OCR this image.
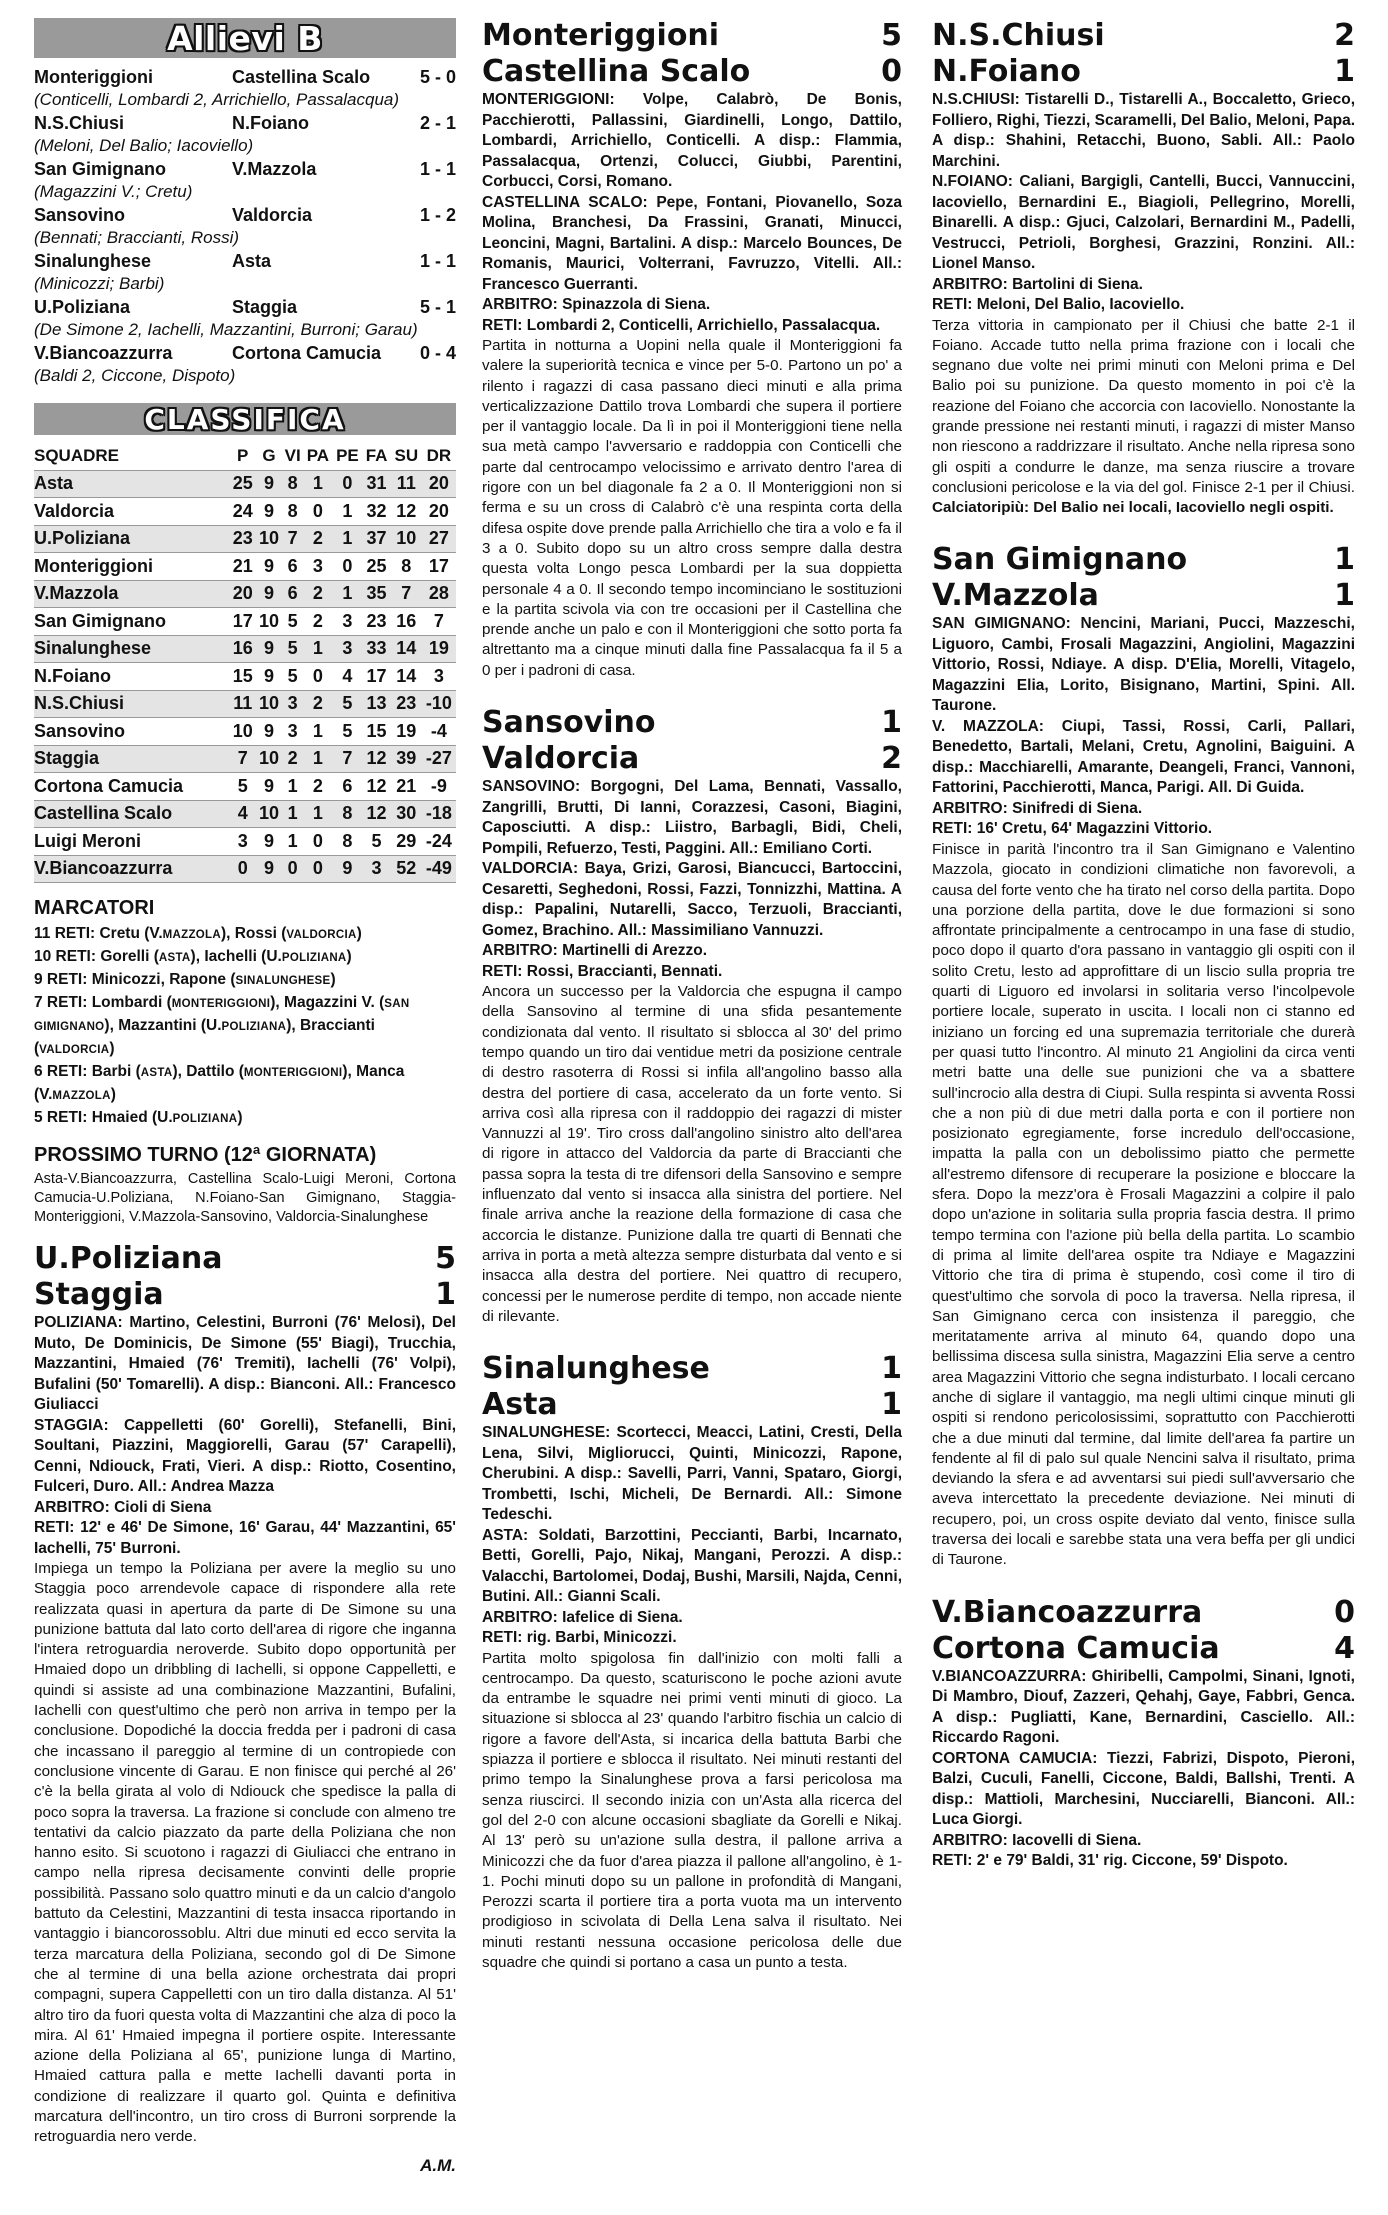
Allievi B
Monteriggioni	Castellina Scalo	5 - 0
(Conticelli, Lombardi 2, Arrichiello, Passalacqua)
N.S.Chiusi	N.Foiano	2 - 1
(Meloni, Del Balio; Iacoviello)
San Gimignano	V.Mazzola	1 - 1
(Magazzini V.; Cretu)
Sansovino	Valdorcia	1 - 2
(Bennati; Braccianti, Rossi)
Sinalunghese	Asta	1 - 1
(Minicozzi; Barbi)
U.Poliziana	Staggia	5 - 1
(De Simone 2, Iachelli, Mazzantini, Burroni; Garau)
V.Biancoazzurra	Cortona Camucia	0 - 4
(Baldi 2, Ciccone, Dispoto)
CLASSIFICA
SQUADRE	P	G	VI	PA	PE	FA	SU	DR
Asta	25	9	8	1	0	31	11	20
Valdorcia	24	9	8	0	1	32	12	20
U.Poliziana	23	10	7	2	1	37	10	27
Monteriggioni	21	9	6	3	0	25	8	17
V.Mazzola	20	9	6	2	1	35	7	28
San Gimignano	17	10	5	2	3	23	16	7
Sinalunghese	16	9	5	1	3	33	14	19
N.Foiano	15	9	5	0	4	17	14	3
N.S.Chiusi	11	10	3	2	5	13	23	-10
Sansovino	10	9	3	1	5	15	19	-4
Staggia	7	10	2	1	7	12	39	-27
Cortona Camucia	5	9	1	2	6	12	21	-9
Castellina Scalo	4	10	1	1	8	12	30	-18
Luigi Meroni	3	9	1	0	8	5	29	-24
V.Biancoazzurra	0	9	0	0	9	3	52	-49
MARCATORI
11 RETI: Cretu (V.MAZZOLA), Rossi (VALDORCIA)
10 RETI: Gorelli (ASTA), Iachelli (U.POLIZIANA)
9 RETI: Minicozzi, Rapone (SINALUNGHESE)
7 RETI: Lombardi (MONTERIGGIONI), Magazzini V. (SAN GIMIGNANO), Mazzantini (U.POLIZIANA), Braccianti (VALDORCIA)
6 RETI: Barbi (ASTA), Dattilo (MONTERIGGIONI), Manca (V.MAZZOLA)
5 RETI: Hmaied (U.POLIZIANA)
PROSSIMO TURNO (12ª GIORNATA)
Asta-V.Biancoazzurra, Castellina Scalo-Luigi Meroni, Cortona Camucia-U.Poliziana, N.Foiano-San Gimignano, Staggia-Monteriggioni, V.Mazzola-Sansovino, Valdorcia-Sinalunghese
U.Poliziana	5
Staggia	1
POLIZIANA: Martino, Celestini, Burroni (76' Melosi), Del Muto, De Dominicis, De Simone (55' Biagi), Trucchia, Mazzantini, Hmaied (76' Tremiti), Iachelli (76' Volpi), Bufalini (50' Tomarelli). A disp.: Bianconi. All.: Francesco Giuliacci
STAGGIA: Cappelletti (60' Gorelli), Stefanelli, Bini, Soultani, Piazzini, Maggiorelli, Garau (57' Carapelli), Cenni, Ndiouck, Frati, Vieri. A disp.: Riotto, Cosentino, Fulceri, Duro. All.: Andrea Mazza
ARBITRO: Cioli di Siena
RETI: 12' e 46' De Simone, 16' Garau, 44' Mazzantini, 65' Iachelli, 75' Burroni.

Impiega un tempo la Poliziana per avere la meglio su uno Staggia poco arrendevole capace di rispondere alla rete realizzata quasi in apertura da parte di De Simone su una punizione battuta dal lato corto dell'area di rigore che inganna l'intera retroguardia neroverde. Subito dopo opportunità per Hmaied dopo un dribbling di Iachelli, si oppone Cappelletti, e quindi si assiste ad una combinazione Mazzantini, Bufalini, Iachelli con quest'ultimo che però non arriva in tempo per la conclusione. Dopodiché la doccia fredda per i padroni di casa che incassano il pareggio al termine di un contropiede con conclusione vincente di Garau. E non finisce qui perché al 26' c'è la bella girata al volo di Ndiouck che spedisce la palla di poco sopra la traversa. La frazione si conclude con almeno tre tentativi da calcio piazzato da parte della Poliziana che non hanno esito. Si scuotono i ragazzi di Giuliacci che entrano in campo nella ripresa decisamente convinti delle proprie possibilità. Passano solo quattro minuti e da un calcio d'angolo battuto da Celestini, Mazzantini di testa insacca riportando in vantaggio i biancorossoblu. Altri due minuti ed ecco servita la terza marcatura della Poliziana, secondo gol di De Simone che al termine di una bella azione orchestrata dai propri compagni, supera Cappelletti con un tiro dalla distanza. Al 51' altro tiro da fuori questa volta di Mazzantini che alza di poco la mira. Al 61' Hmaied impegna il portiere ospite. Interessante azione della Poliziana al 65', punizione lunga di Martino, Hmaied cattura palla e mette Iachelli davanti porta in condizione di realizzare il quarto gol. Quinta e definitiva marcatura dell'incontro, un tiro cross di Burroni sorprende la retroguardia nero verde.

A.M.
Monteriggioni	5
Castellina Scalo	0
MONTERIGGIONI: Volpe, Calabrò, De Bonis, Pacchierotti, Pallassini, Giardinelli, Longo, Dattilo, Lombardi, Arrichiello, Conticelli. A disp.: Flammia, Passalacqua, Ortenzi, Colucci, Giubbi, Parentini, Corbucci, Corsi, Romano.
CASTELLINA SCALO: Pepe, Fontani, Piovanello, Soza Molina, Branchesi, Da Frassini, Granati, Minucci, Leoncini, Magni, Bartalini. A disp.: Marcelo Bounces, De Romanis, Maurici, Volterrani, Favruzzo, Vitelli. All.: Francesco Guerranti.
ARBITRO: Spinazzola di Siena.
RETI: Lombardi 2, Conticelli, Arrichiello, Passalacqua.

Partita in notturna a Uopini nella quale il Monteriggioni fa valere la superiorità tecnica e vince per 5-0. Partono un po' a rilento i ragazzi di casa passano dieci minuti e alla prima verticalizzazione Dattilo trova Lombardi che supera il portiere per il vantaggio locale. Da lì in poi il Monteriggioni tiene nella sua metà campo l'avversario e raddoppia con Conticelli che parte dal centrocampo velocissimo e arrivato dentro l'area di rigore con un bel diagonale fa 2 a 0. Il Monteriggioni non si ferma e su un cross di Calabrò c'è una respinta corta della difesa ospite dove prende palla Arrichiello che tira a volo e fa il 3 a 0. Subito dopo su un altro cross sempre dalla destra questa volta Longo pesca Lombardi per la sua doppietta personale 4 a 0. Il secondo tempo incominciano le sostituzioni e la partita scivola via con tre occasioni per il Castellina che prende anche un palo e con il Monteriggioni che sotto porta fa altrettanto ma a cinque minuti dalla fine Passalacqua fa il 5 a 0 per i padroni di casa.

Sansovino	1
Valdorcia	2
SANSOVINO: Borgogni, Del Lama, Bennati, Vassallo, Zangrilli, Brutti, Di Ianni, Corazzesi, Casoni, Biagini, Caposciutti. A disp.: Liistro, Barbagli, Bidi, Cheli, Pompili, Refuerzo, Testi, Paggini. All.: Emiliano Corti.
VALDORCIA: Baya, Grizi, Garosi, Biancucci, Bartoccini, Cesaretti, Seghedoni, Rossi, Fazzi, Tonnizzhi, Mattina. A disp.: Papalini, Nutarelli, Sacco, Terzuoli, Braccianti, Gomez, Brachino. All.: Massimiliano Vannuzzi.
ARBITRO: Martinelli di Arezzo.
RETI: Rossi, Braccianti, Bennati.

Ancora un successo per la Valdorcia che espugna il campo della Sansovino al termine di una sfida pesantemente condizionata dal vento. Il risultato si sblocca al 30' del primo tempo quando un tiro dai ventidue metri da posizione centrale di destro rasoterra di Rossi si infila all'angolino basso alla destra del portiere di casa, accelerato da un forte vento. Si arriva così alla ripresa con il raddoppio dei ragazzi di mister Vannuzzi al 19'. Tiro cross dall'angolino sinistro alto dell'area di rigore in attacco del Valdorcia da parte di Braccianti che passa sopra la testa di tre difensori della Sansovino e sempre influenzato dal vento si insacca alla sinistra del portiere. Nel finale arriva anche la reazione della formazione di casa che accorcia le distanze. Punizione dalla tre quarti di Bennati che arriva in porta a metà altezza sempre disturbata dal vento e si insacca alla destra del portiere. Nei quattro di recupero, concessi per le numerose perdite di tempo, non accade niente di rilevante.

Sinalunghese	1
Asta	1
SINALUNGHESE: Scortecci, Meacci, Latini, Cresti, Della Lena, Silvi, Migliorucci, Quinti, Minicozzi, Rapone, Cherubini. A disp.: Savelli, Parri, Vanni, Spataro, Giorgi, Trombetti, Ischi, Micheli, De Bernardi. All.: Simone Tedeschi.
ASTA: Soldati, Barzottini, Peccianti, Barbi, Incarnato, Betti, Gorelli, Pajo, Nikaj, Mangani, Perozzi. A disp.: Valacchi, Bartolomei, Dodaj, Bushi, Marsili, Najda, Cenni, Butini. All.: Gianni Scali.
ARBITRO: Iafelice di Siena.
RETI: rig. Barbi, Minicozzi.

Partita molto spigolosa fin dall'inizio con molti falli a centrocampo. Da questo, scaturiscono le poche azioni avute da entrambe le squadre nei primi venti minuti di gioco. La situazione si sblocca al 23' quando l'arbitro fischia un calcio di rigore a favore dell'Asta, si incarica della battuta Barbi che spiazza il portiere e sblocca il risultato. Nei minuti restanti del primo tempo la Sinalunghese prova a farsi pericolosa ma senza riuscirci. Il secondo inizia con un'Asta alla ricerca del gol del 2-0 con alcune occasioni sbagliate da Gorelli e Nikaj. Al 13' però su un'azione sulla destra, il pallone arriva a Minicozzi che da fuor d'area piazza il pallone all'angolino, è 1-1. Pochi minuti dopo su un pallone in profondità di Mangani, Perozzi scarta il portiere tira a porta vuota ma un intervento prodigioso in scivolata di Della Lena salva il risultato. Nei minuti restanti nessuna occasione pericolosa delle due squadre che quindi si portano a casa un punto a testa.

N.S.Chiusi	2
N.Foiano	1
N.S.CHIUSI: Tistarelli D., Tistarelli A., Boccaletto, Grieco, Folliero, Righi, Tiezzi, Scaramelli, Del Balio, Meloni, Papa. A disp.: Shahini, Retacchi, Buono, Sabli. All.: Paolo Marchini.
N.FOIANO: Caliani, Bargigli, Cantelli, Bucci, Vannuccini, Iacoviello, Bernardini E., Biagioli, Pellegrino, Morelli, Binarelli. A disp.: Gjuci, Calzolari, Bernardini M., Padelli, Vestrucci, Petrioli, Borghesi, Grazzini, Ronzini. All.: Lionel Manso.
ARBITRO: Bartolini di Siena.
RETI: Meloni, Del Balio, Iacoviello.

Terza vittoria in campionato per il Chiusi che batte 2-1 il Foiano. Accade tutto nella prima frazione con i locali che segnano due volte nei primi minuti con Meloni prima e Del Balio poi su punizione. Da questo momento in poi c'è la reazione del Foiano che accorcia con Iacoviello. Nonostante la grande pressione nei restanti minuti, i ragazzi di mister Manso non riescono a raddrizzare il risultato. Anche nella ripresa sono gli ospiti a condurre le danze, ma senza riuscire a trovare conclusioni pericolose e la via del gol. Finisce 2-1 per il Chiusi. Calciatoripiù: Del Balio nei locali, Iacoviello negli ospiti.

San Gimignano	1
V.Mazzola	1
SAN GIMIGNANO: Nencini, Mariani, Pucci, Mazzeschi, Liguoro, Cambi, Frosali Magazzini, Angiolini, Magazzini Vittorio, Rossi, Ndiaye. A disp. D'Elia, Morelli, Vitagelo, Magazzini Elia, Lorito, Bisignano, Martini, Spini. All. Taurone.
V. MAZZOLA: Ciupi, Tassi, Rossi, Carli, Pallari, Benedetto, Bartali, Melani, Cretu, Agnolini, Baiguini. A disp.: Macchiarelli, Amarante, Deangeli, Franci, Vannoni, Fattorini, Pacchierotti, Manca, Parigi. All. Di Guida.
ARBITRO: Sinifredi di Siena.
RETI: 16' Cretu, 64' Magazzini Vittorio.

Finisce in parità l'incontro tra il San Gimignano e Valentino Mazzola, giocato in condizioni climatiche non favorevoli, a causa del forte vento che ha tirato nel corso della partita. Dopo una porzione della partita, dove le due formazioni si sono affrontate principalmente a centrocampo in una fase di studio, poco dopo il quarto d'ora passano in vantaggio gli ospiti con il solito Cretu, lesto ad approfittare di un liscio sulla propria tre quarti di Liguoro ed involarsi in solitaria verso l'incolpevole portiere locale, superato in uscita. I locali non ci stanno ed iniziano un forcing ed una supremazia territoriale che durerà per quasi tutto l'incontro. Al minuto 21 Angiolini da circa venti metri batte una delle sue punizioni che va a sbattere sull'incrocio alla destra di Ciupi. Sulla respinta si avventa Rossi che a non più di due metri dalla porta e con il portiere non posizionato egregiamente, forse incredulo dell'occasione, impatta la palla con un debolissimo piatto che permette all'estremo difensore di recuperare la posizione e bloccare la sfera. Dopo la mezz'ora è Frosali Magazzini a colpire il palo dopo un'azione in solitaria sulla propria fascia destra. Il primo tempo termina con l'azione più bella della partita. Lo scambio di prima al limite dell'area ospite tra Ndiaye e Magazzini Vittorio che tira di prima è stupendo, così come il tiro di quest'ultimo che sorvola di poco la traversa. Nella ripresa, il San Gimignano cerca con insistenza il pareggio, che meritatamente arriva al minuto 64, quando dopo una bellissima discesa sulla sinistra, Magazzini Elia serve a centro area Magazzini Vittorio che segna indisturbato. I locali cercano anche di siglare il vantaggio, ma negli ultimi cinque minuti gli ospiti si rendono pericolosissimi, soprattutto con Pacchierotti che a due minuti dal termine, dal limite dell'area fa partire un fendente al fil di palo sul quale Nencini salva il risultato, prima deviando la sfera e ad avventarsi sui piedi sull'avversario che aveva intercettato la precedente deviazione. Nei minuti di recupero, poi, un cross ospite deviato dal vento, finisce sulla traversa dei locali e sarebbe stata una vera beffa per gli undici di Taurone.

V.Biancoazzurra	0
Cortona Camucia	4
V.BIANCOAZZURRA: Ghiribelli, Campolmi, Sinani, Ignoti, Di Mambro, Diouf, Zazzeri, Qehahj, Gaye, Fabbri, Genca. A disp.: Pugliatti, Kane, Bernardini, Casciello. All.: Riccardo Ragoni.
CORTONA CAMUCIA: Tiezzi, Fabrizi, Dispoto, Pieroni, Balzi, Cuculi, Fanelli, Ciccone, Baldi, Ballshi, Trenti. A disp.: Mattioli, Marchesini, Nucciarelli, Bianconi. All.: Luca Giorgi.
ARBITRO: Iacovelli di Siena.
RETI: 2' e 79' Baldi, 31' rig. Ciccone, 59' Dispoto.
